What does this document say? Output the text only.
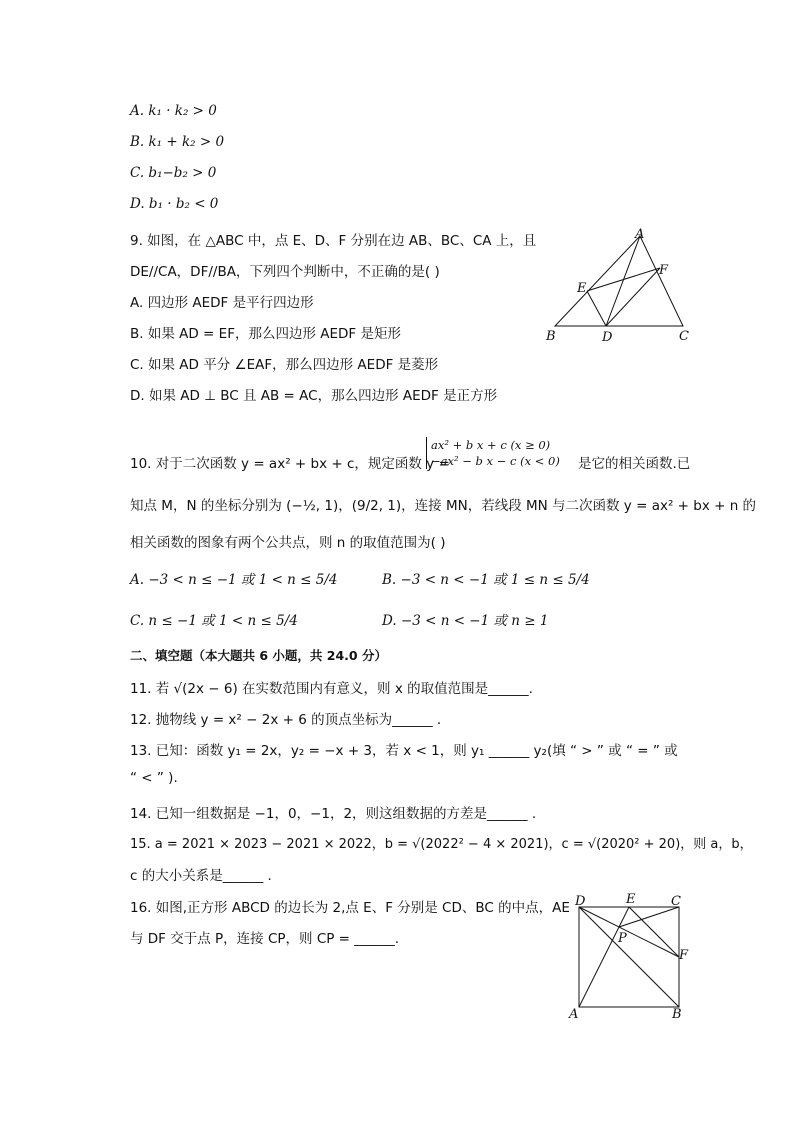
A. k₁ · k₂ > 0
B. k₁ + k₂ > 0
C. b₁−b₂ > 0
D. b₁ · b₂ < 0
9. 如图，在 △ABC 中，点 E、D、F 分别在边 AB、BC、CA 上，且
DE//CA，DF//BA，下列四个判断中，不正确的是( )
A. 四边形 AEDF 是平行四边形
B. 如果 AD = EF，那么四边形 AEDF 是矩形
C. 如果 AD 平分 ∠EAF，那么四边形 AEDF 是菱形
D. 如果 AD ⊥ BC 且 AB = AC，那么四边形 AEDF 是正方形
A
B	C
D
E
F
10. 对于二次函数 y = ax² + bx + c，规定函数 y =
ax² + b x + c (x ≥ 0)
−ax² − b x − c (x < 0) 是它的相关函数.已
知点 M，N 的坐标分别为 (−½, 1)，(9/2, 1)，连接 MN，若线段 MN 与二次函数 y = ax² + bx + n 的
相关函数的图象有两个公共点，则 n 的取值范围为( )
A. −3 < n ≤ −1 或 1 < n ≤ 5/4	B. −3 < n < −1 或 1 ≤ n ≤ 5/4
C. n ≤ −1 或 1 < n ≤ 5/4	D. −3 < n < −1 或 n ≥ 1
二、填空题（本大题共 6 小题，共 24.0 分）
11. 若 √(2x − 6) 在实数范围内有意义，则 x 的取值范围是______.
12. 抛物线 y = x² − 2x + 6 的顶点坐标为______ .
13. 已知：函数 y₁ = 2x，y₂ = −x + 3，若 x < 1，则 y₁ ______ y₂(填 “ > ” 或 “ = ” 或
“ < ” ).
14. 已知一组数据是 −1，0，−1，2，则这组数据的方差是______ .
15. a = 2021 × 2023 − 2021 × 2022，b = √(2022² − 4 × 2021)，c = √(2020² + 20)，则 a，b，
c 的大小关系是______ .
16. 如图,正方形 ABCD 的边长为 2,点 E、F 分别是 CD、BC 的中点，AE
与 DF 交于点 P，连接 CP，则 CP = ______.
D	E	C
P
F
A	B
